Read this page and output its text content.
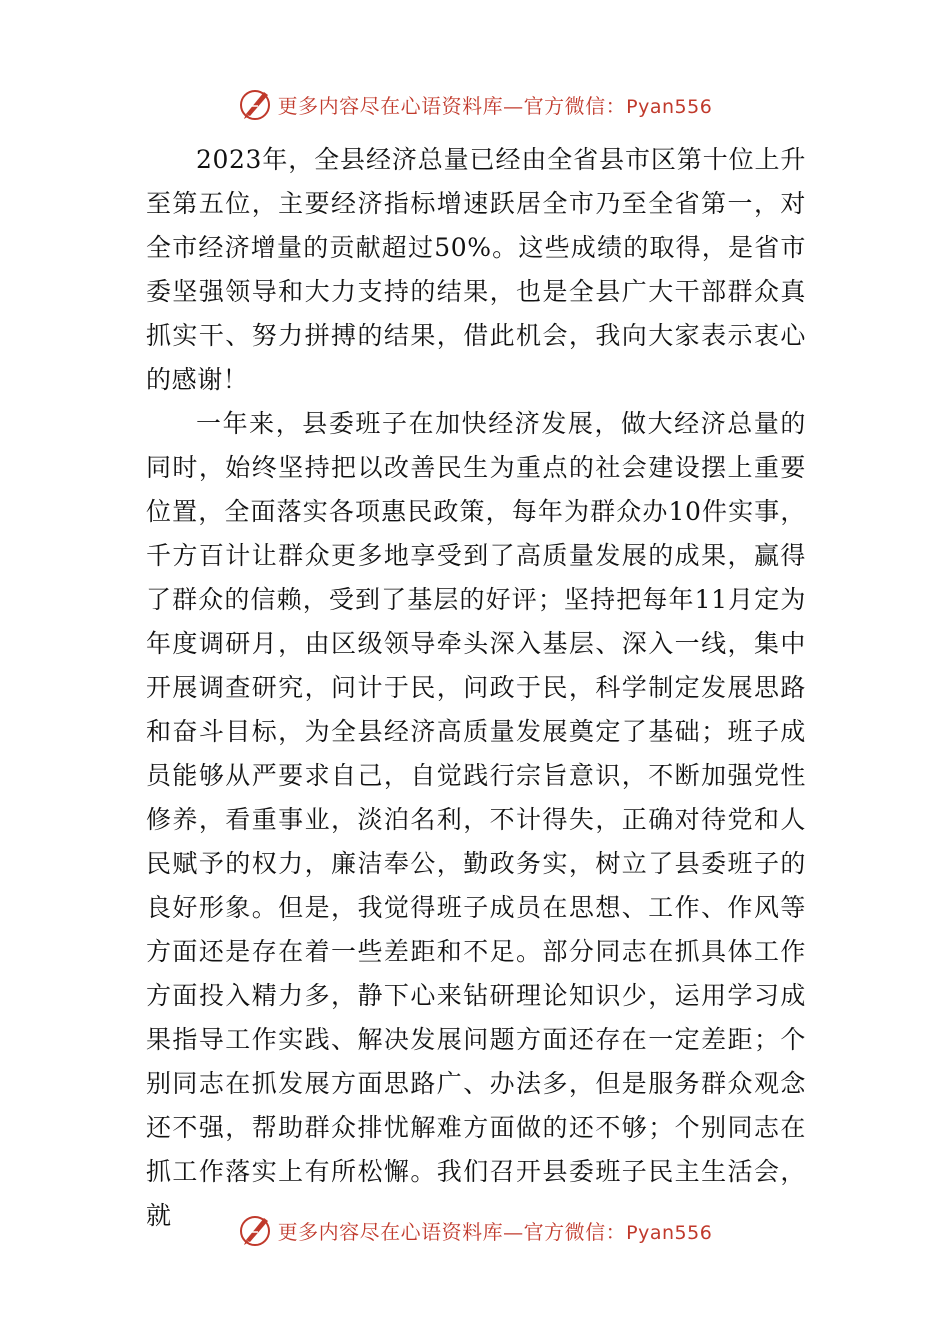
更多内容尽在心语资料库—官方微信：Pyan556

2023年，全县经济总量已经由全省县市区第十位上升至第五位，主要经济指标增速跃居全市乃至全省第一，对全市经济增量的贡献超过50%。这些成绩的取得，是省市委坚强领导和大力支持的结果，也是全县广大干部群众真抓实干、努力拼搏的结果，借此机会，我向大家表示衷心的感谢！

一年来，县委班子在加快经济发展，做大经济总量的同时，始终坚持把以改善民生为重点的社会建设摆上重要位置，全面落实各项惠民政策，每年为群众办10件实事，千方百计让群众更多地享受到了高质量发展的成果，赢得了群众的信赖，受到了基层的好评；坚持把每年11月定为年度调研月，由区级领导牵头深入基层、深入一线，集中开展调查研究，问计于民，问政于民，科学制定发展思路和奋斗目标，为全县经济高质量发展奠定了基础；班子成员能够从严要求自己，自觉践行宗旨意识，不断加强党性修养，看重事业，淡泊名利，不计得失，正确对待党和人民赋予的权力，廉洁奉公，勤政务实，树立了县委班子的良好形象。但是，我觉得班子成员在思想、工作、作风等方面还是存在着一些差距和不足。部分同志在抓具体工作方面投入精力多，静下心来钻研理论知识少，运用学习成果指导工作实践、解决发展问题方面还存在一定差距；个别同志在抓发展方面思路广、办法多，但是服务群众观念还不强，帮助群众排忧解难方面做的还不够；个别同志在抓工作落实上有所松懈。我们召开县委班子民主生活会，就

更多内容尽在心语资料库—官方微信：Pyan556
